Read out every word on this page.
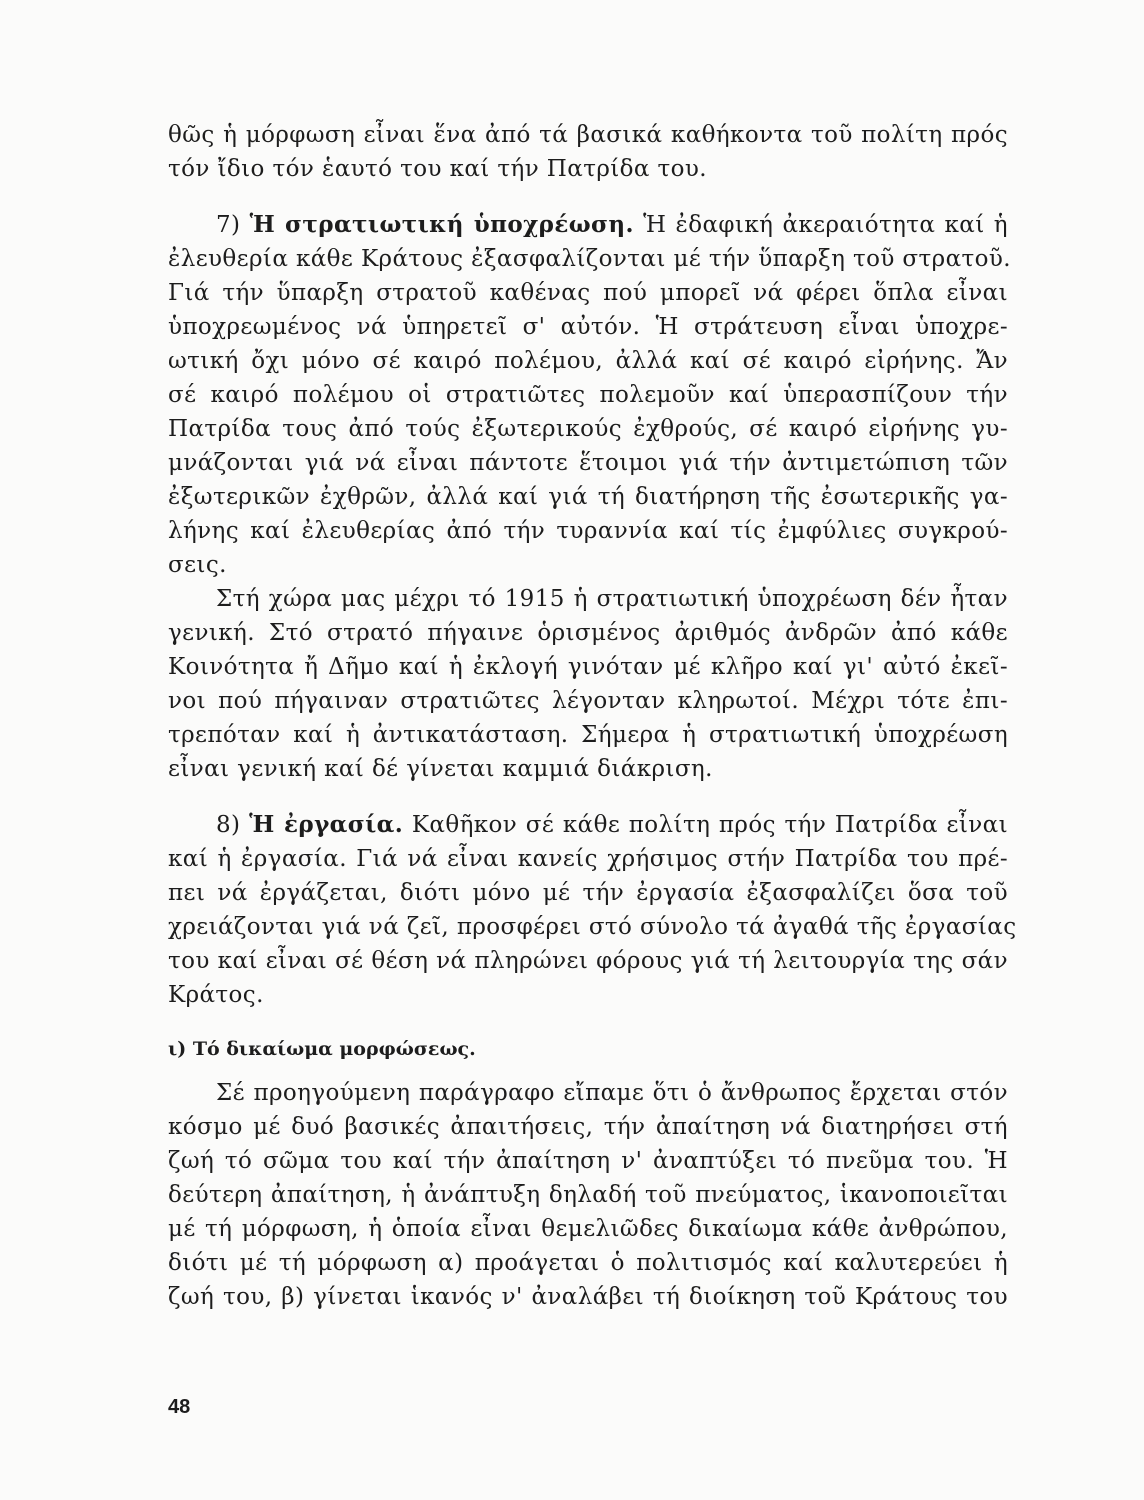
θῶς ἡ μόρφωση εἶναι ἕνα ἀπό τά βασικά καθήκοντα τοῦ πολίτη πρός
τόν ἴδιο τόν ἑαυτό του καί τήν Πατρίδα του.
7) Ἡ στρατιωτική ὑποχρέωση. Ἡ ἐδαφική ἀκεραιότητα καί ἡ
ἐλευθερία κάθε Κράτους ἐξασφαλίζονται μέ τήν ὕπαρξη τοῦ στρατοῦ.
Γιά τήν ὕπαρξη στρατοῦ καθένας πού μπορεῖ νά φέρει ὅπλα εἶναι
ὑποχρεωμένος νά ὑπηρετεῖ σ' αὐτόν. Ἡ στράτευση εἶναι ὑποχρε-
ωτική ὄχι μόνο σέ καιρό πολέμου, ἀλλά καί σέ καιρό εἰρήνης. Ἄν
σέ καιρό πολέμου οἱ στρατιῶτες πολεμοῦν καί ὑπερασπίζουν τήν
Πατρίδα τους ἀπό τούς ἐξωτερικούς ἐχθρούς, σέ καιρό εἰρήνης γυ-
μνάζονται γιά νά εἶναι πάντοτε ἕτοιμοι γιά τήν ἀντιμετώπιση τῶν
ἐξωτερικῶν ἐχθρῶν, ἀλλά καί γιά τή διατήρηση τῆς ἐσωτερικῆς γα-
λήνης καί ἐλευθερίας ἀπό τήν τυραννία καί τίς ἐμφύλιες συγκρού-
σεις.
Στή χώρα μας μέχρι τό 1915 ἡ στρατιωτική ὑποχρέωση δέν ἦταν
γενική. Στό στρατό πήγαινε ὁρισμένος ἀριθμός ἀνδρῶν ἀπό κάθε
Κοινότητα ἤ Δῆμο καί ἡ ἐκλογή γινόταν μέ κλῆρο καί γι' αὐτό ἐκεῖ-
νοι πού πήγαιναν στρατιῶτες λέγονταν κληρωτοί. Μέχρι τότε ἐπι-
τρεπόταν καί ἡ ἀντικατάσταση. Σήμερα ἡ στρατιωτική ὑποχρέωση
εἶναι γενική καί δέ γίνεται καμμιά διάκριση.
8) Ἡ ἐργασία. Καθῆκον σέ κάθε πολίτη πρός τήν Πατρίδα εἶναι
καί ἡ ἐργασία. Γιά νά εἶναι κανείς χρήσιμος στήν Πατρίδα του πρέ-
πει νά ἐργάζεται, διότι μόνο μέ τήν ἐργασία ἐξασφαλίζει ὅσα τοῦ
χρειάζονται γιά νά ζεῖ, προσφέρει στό σύνολο τά ἀγαθά τῆς ἐργασίας
του καί εἶναι σέ θέση νά πληρώνει φόρους γιά τή λειτουργία της σάν
Κράτος.
ι) Τό δικαίωμα μορφώσεως.
Σέ προηγούμενη παράγραφο εἴπαμε ὅτι ὁ ἄνθρωπος ἔρχεται στόν
κόσμο μέ δυό βασικές ἀπαιτήσεις, τήν ἀπαίτηση νά διατηρήσει στή
ζωή τό σῶμα του καί τήν ἀπαίτηση ν' ἀναπτύξει τό πνεῦμα του. Ἡ
δεύτερη ἀπαίτηση, ἡ ἀνάπτυξη δηλαδή τοῦ πνεύματος, ἱκανοποιεῖται
μέ τή μόρφωση, ἡ ὁποία εἶναι θεμελιῶδες δικαίωμα κάθε ἀνθρώπου,
διότι μέ τή μόρφωση α) προάγεται ὁ πολιτισμός καί καλυτερεύει ἡ
ζωή του, β) γίνεται ἱκανός ν' ἀναλάβει τή διοίκηση τοῦ Κράτους του
48
